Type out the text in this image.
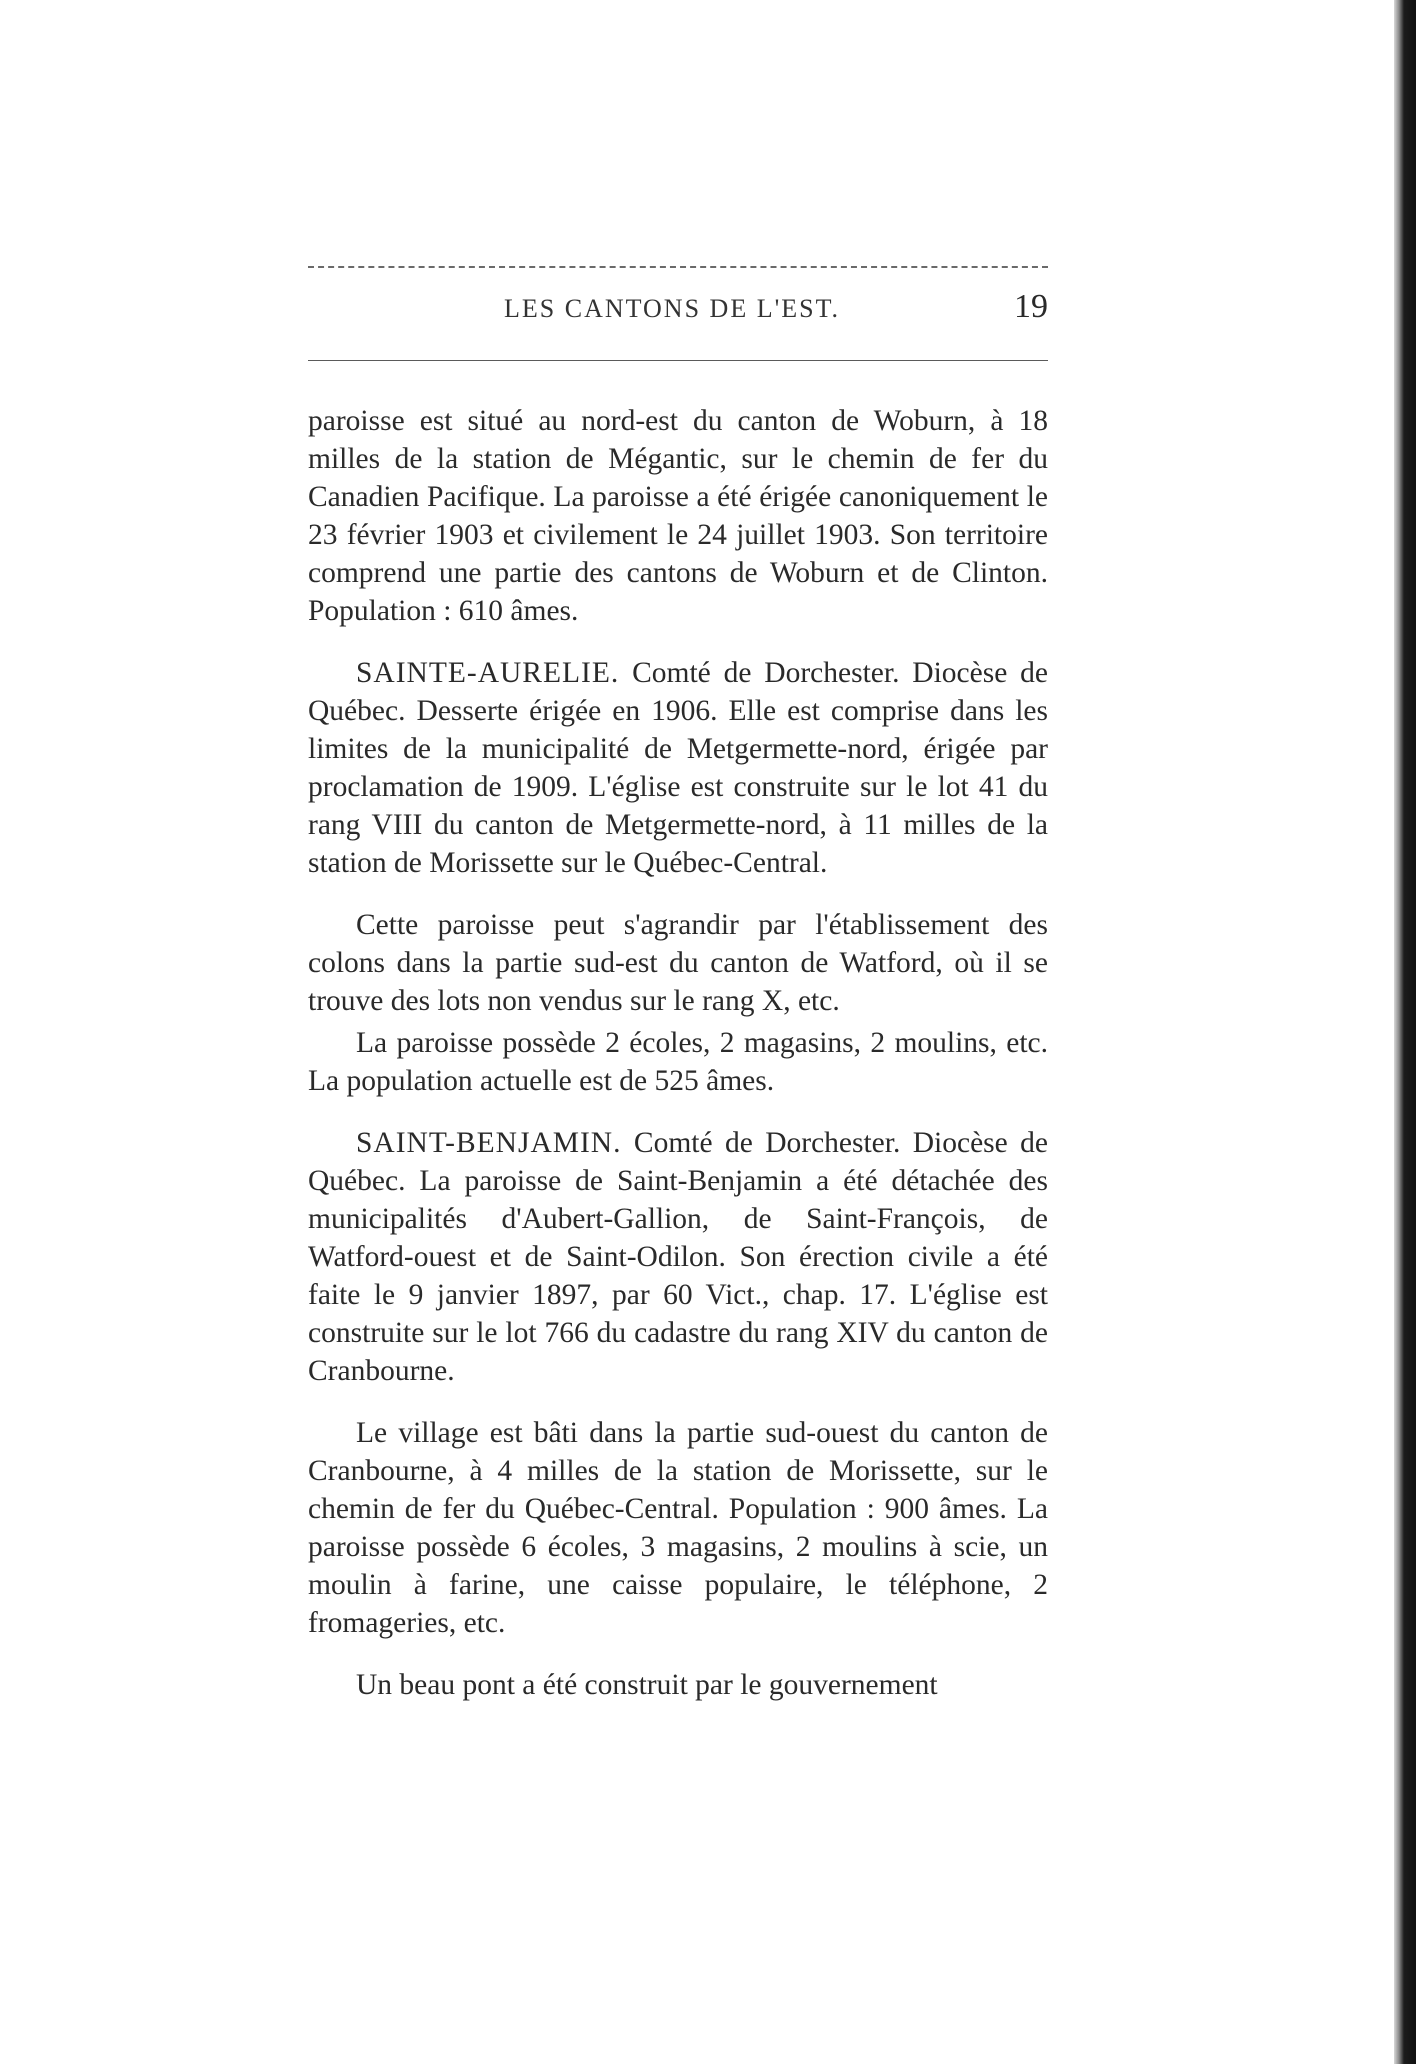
LES CANTONS DE L'EST.	19

paroisse est situé au nord-est du canton de Woburn, à 18 milles de la station de Mégantic, sur le chemin de fer du Canadien Pacifique. La paroisse a été érigée canoniquement le 23 février 1903 et civilement le 24 juillet 1903. Son territoire comprend une partie des cantons de Woburn et de Clinton. Population : 610 âmes.

SAINTE-AURELIE. Comté de Dorchester. Diocèse de Québec. Desserte érigée en 1906. Elle est comprise dans les limites de la municipalité de Metgermette-nord, érigée par proclamation de 1909. L'église est construite sur le lot 41 du rang VIII du canton de Metgermette-nord, à 11 milles de la station de Morissette sur le Québec-Central.

Cette paroisse peut s'agrandir par l'établissement des colons dans la partie sud-est du canton de Watford, où il se trouve des lots non vendus sur le rang X, etc.

La paroisse possède 2 écoles, 2 magasins, 2 moulins, etc. La population actuelle est de 525 âmes.

SAINT-BENJAMIN. Comté de Dorchester. Diocèse de Québec. La paroisse de Saint-Benjamin a été détachée des municipalités d'Aubert-Gallion, de Saint-François, de Watford-ouest et de Saint-Odilon. Son érection civile a été faite le 9 janvier 1897, par 60 Vict., chap. 17. L'église est construite sur le lot 766 du cadastre du rang XIV du canton de Cranbourne.

Le village est bâti dans la partie sud-ouest du canton de Cranbourne, à 4 milles de la station de Morissette, sur le chemin de fer du Québec-Central. Population : 900 âmes. La paroisse possède 6 écoles, 3 magasins, 2 moulins à scie, un moulin à farine, une caisse populaire, le téléphone, 2 fromageries, etc.

Un beau pont a été construit par le gouvernement
